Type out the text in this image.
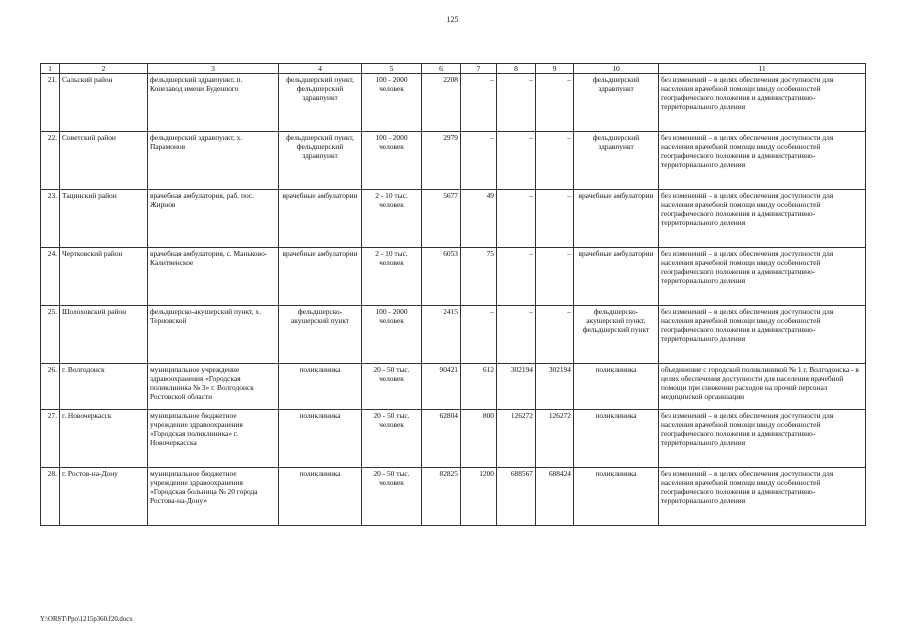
125
1	2	3	4	5	6	7	8	9	10	11
21.	Сальский район	фельдшерский здравпункт, п. Конезавод имени Буденного	фельдшерский пункт, фельдшерский здравпункт	100 - 2000 человек	2208	–	–	–	фельдшерский здравпункт	без изменений – в целях обеспечения доступности для населения врачебной помощи ввиду особенностей географического положения и административно-территориального деления
22.	Советский район	фельдшерский здравпункт, х. Парамонов	фельдшерский пункт, фельдшерский здравпункт	100 - 2000 человек	2979	–	–	–	фельдшерский здравпункт	без изменений – в целях обеспечения доступности для населения врачебной помощи ввиду особенностей географического положения и административно-территориального деления
23.	Тацинский район	врачебная амбулатория, раб. пос. Жирнов	врачебные амбулатории	2 - 10 тыс. человек	5677	49	–	–	врачебные амбулатории	без изменений – в целях обеспечения доступности для населения врачебной помощи ввиду особенностей географического положения и административно-территориального деления
24.	Чертковский район	врачебная амбулатория, с. Маньково-Калитвенское	врачебные амбулатории	2 - 10 тыс. человек	6053	75	–	–	врачебные амбулатории	без изменений – в целях обеспечения доступности для населения врачебной помощи ввиду особенностей географического положения и административно-территориального деления
25.	Шолоховский район	фельдшерско-акушерский пункт, х. Терновской	фельдшерско-акушерский пункт	100 - 2000 человек	2415	–	–	–	фельдшерско-акушерский пункт, фельдшерский пункт	без изменений – в целях обеспечения доступности для населения врачебной помощи ввиду особенностей географического положения и административно-территориального деления
26.	г. Волгодонск	муниципальное учреждение здравоохранения «Городская поликлиника № 3» г. Волгодонск Ростовской области	поликлиника	20 - 50 тыс. человек	90421	612	302194	302194	поликлиника	объединение с городской поликлиникой № 1 г. Волгодонска - в целях обеспечения доступности для населения врачебной помощи при снижении расходов на прочий персонал медицинской организации
27.	г. Новочеркасск	муниципальное бюджетное учреждение здравоохранения «Городская поликлиника» г. Новочеркасска	поликлиника	20 - 50 тыс. человек	62804	800	126272	126272	поликлиника	без изменений – в целях обеспечения доступности для населения врачебной помощи ввиду особенностей географического положения и административно-территориального деления
28.	г. Ростов-на-Дону	муниципальное бюджетное учреждение здравоохранения «Городская больница № 20 города Ростова-на-Дону»	поликлиника	20 - 50 тыс. человек	82825	1200	688567	688424	поликлиника	без изменений – в целях обеспечения доступности для населения врачебной помощи ввиду особенностей географического положения и административно-территориального деления
Y:\ORST\Ppo\1215p360.f20.docx
